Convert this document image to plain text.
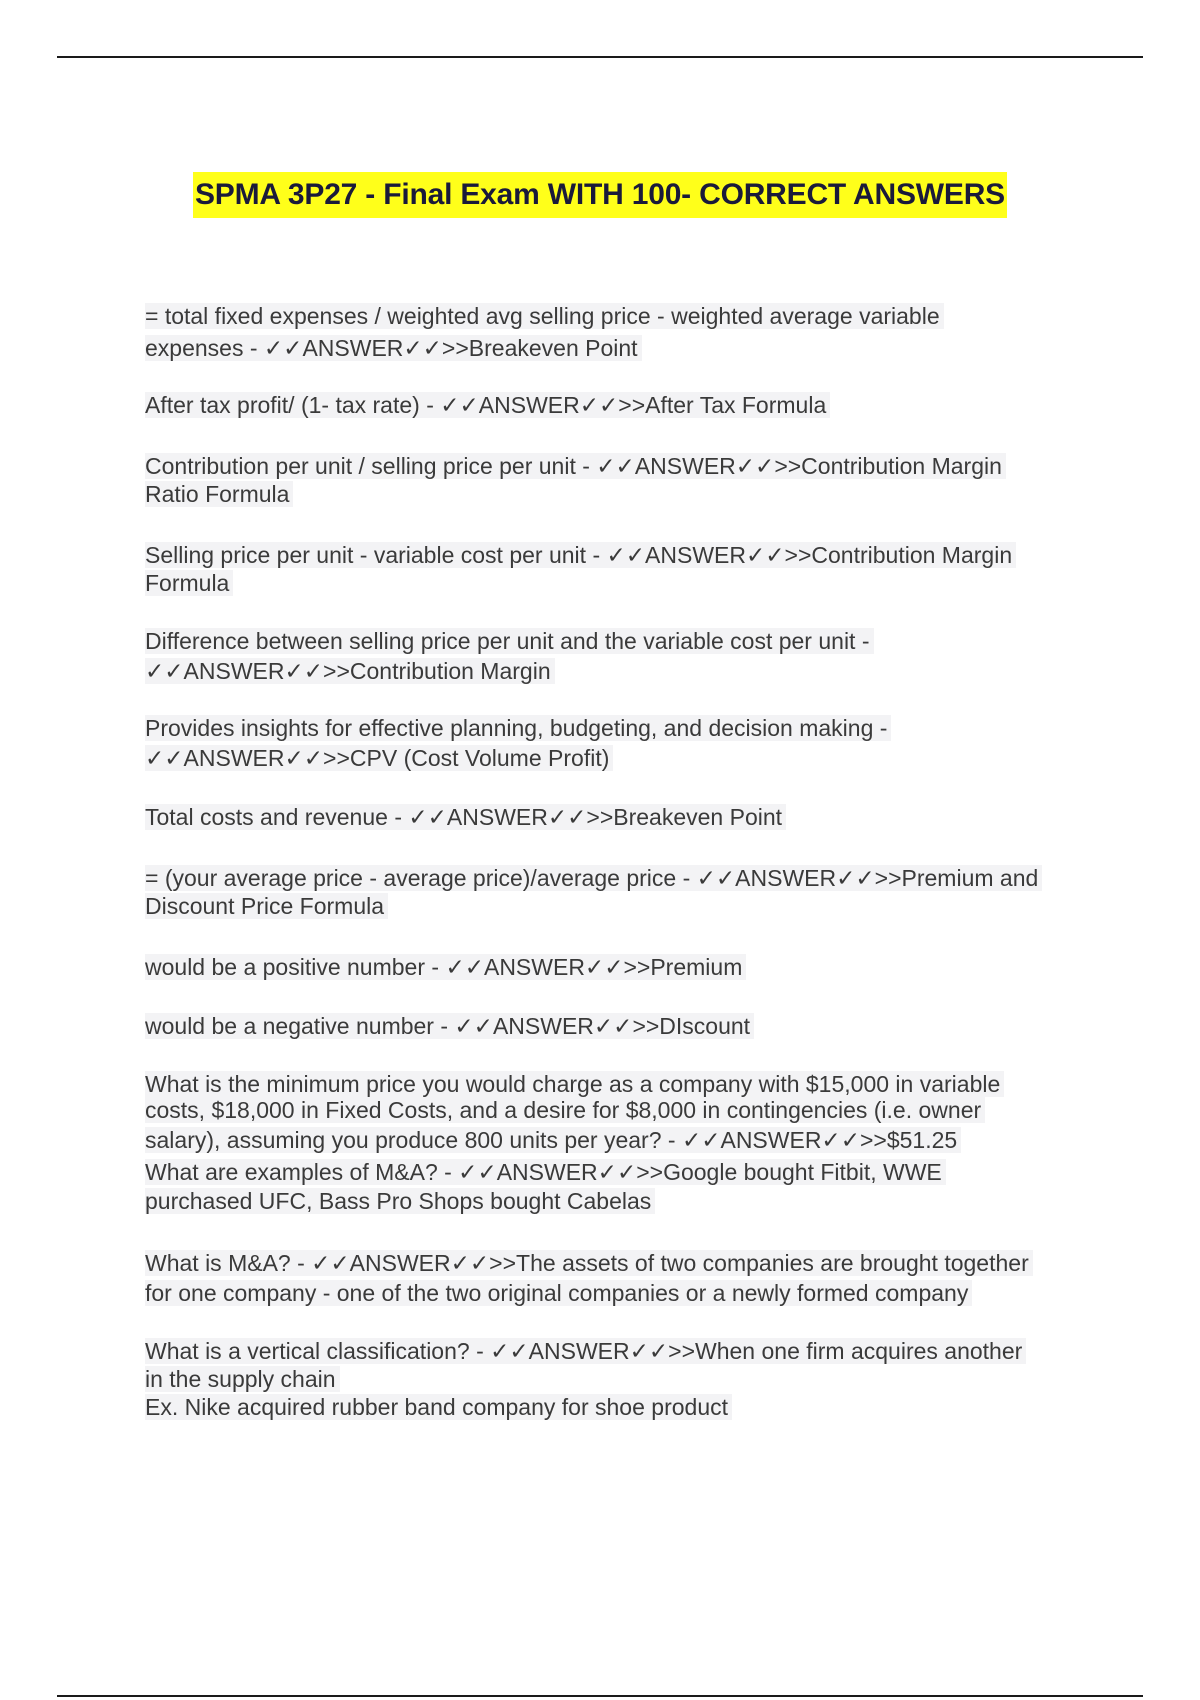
SPMA 3P27 - Final Exam WITH 100- CORRECT ANSWERS
= total fixed expenses / weighted avg selling price - weighted average variable
expenses - ✓✓ANSWER✓✓>>Breakeven Point
After tax profit/ (1- tax rate) - ✓✓ANSWER✓✓>>After Tax Formula
Contribution per unit / selling price per unit - ✓✓ANSWER✓✓>>Contribution Margin
Ratio Formula
Selling price per unit - variable cost per unit - ✓✓ANSWER✓✓>>Contribution Margin
Formula
Difference between selling price per unit and the variable cost per unit -
✓✓ANSWER✓✓>>Contribution Margin
Provides insights for effective planning, budgeting, and decision making -
✓✓ANSWER✓✓>>CPV (Cost Volume Profit)
Total costs and revenue - ✓✓ANSWER✓✓>>Breakeven Point
= (your average price - average price)/average price - ✓✓ANSWER✓✓>>Premium and
Discount Price Formula
would be a positive number - ✓✓ANSWER✓✓>>Premium
would be a negative number - ✓✓ANSWER✓✓>>DIscount
What is the minimum price you would charge as a company with $15,000 in variable
costs, $18,000 in Fixed Costs, and a desire for $8,000 in contingencies (i.e. owner
salary), assuming you produce 800 units per year? - ✓✓ANSWER✓✓>>$51.25
What are examples of M&A? - ✓✓ANSWER✓✓>>Google bought Fitbit, WWE
purchased UFC, Bass Pro Shops bought Cabelas
What is M&A? - ✓✓ANSWER✓✓>>The assets of two companies are brought together
for one company - one of the two original companies or a newly formed company
What is a vertical classification? - ✓✓ANSWER✓✓>>When one firm acquires another
in the supply chain
Ex. Nike acquired rubber band company for shoe product
